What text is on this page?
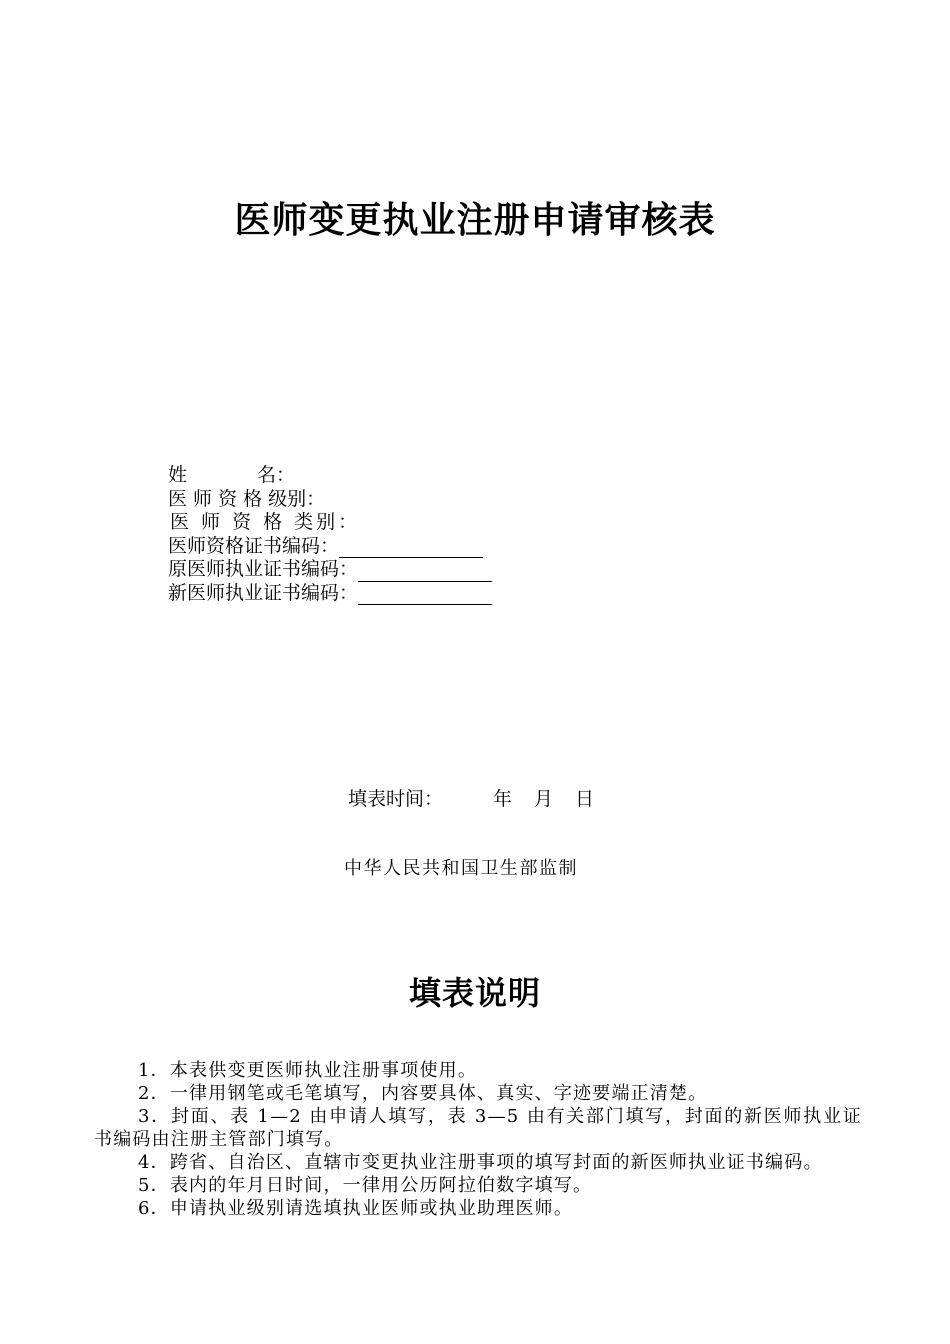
医师变更执业注册申请审核表
姓	名：
医 师 资 格 级别：
医 师 资 格 类别：
医师资格证书编码：
原医师执业证书编码：
新医师执业证书编码：
填表时间：	年 月 日
中华人民共和国卫生部监制
填表说明

1．本表供变更医师执业注册事项使用。

2．一律用钢笔或毛笔填写，内容要具体、真实、字迹要端正清楚。

3．封面、表 1—2 由申请人填写，表 3—5 由有关部门填写，封面的新医师执业证书编码由注册主管部门填写。

4．跨省、自治区、直辖市变更执业注册事项的填写封面的新医师执业证书编码。

5．表内的年月日时间，一律用公历阿拉伯数字填写。

6．申请执业级别请选填执业医师或执业助理医师。
